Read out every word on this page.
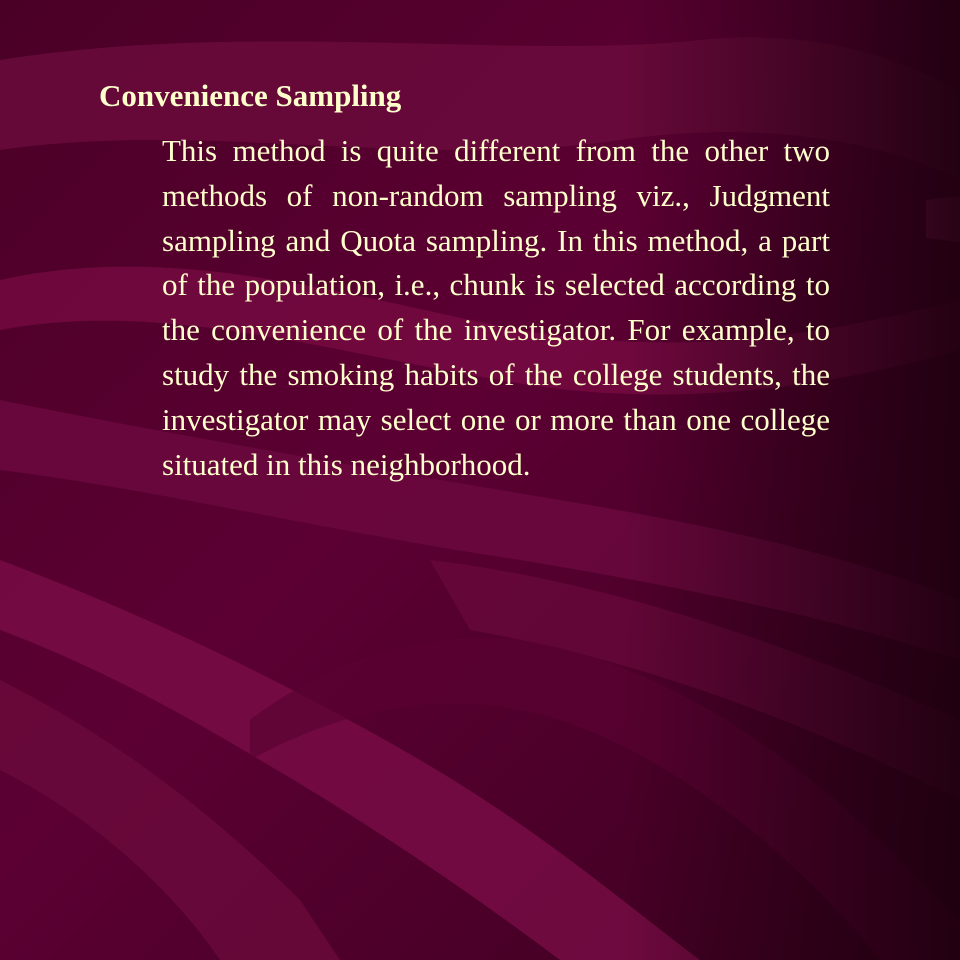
Convenience Sampling

This method is quite different from the other two methods of non-random sampling viz., Judgment sampling and Quota sampling. In this method, a part of the population, i.e., chunk is selected according to the convenience of the investigator. For example, to study the smoking habits of the college students, the investigator may select one or more than one college situated in this neighborhood.
